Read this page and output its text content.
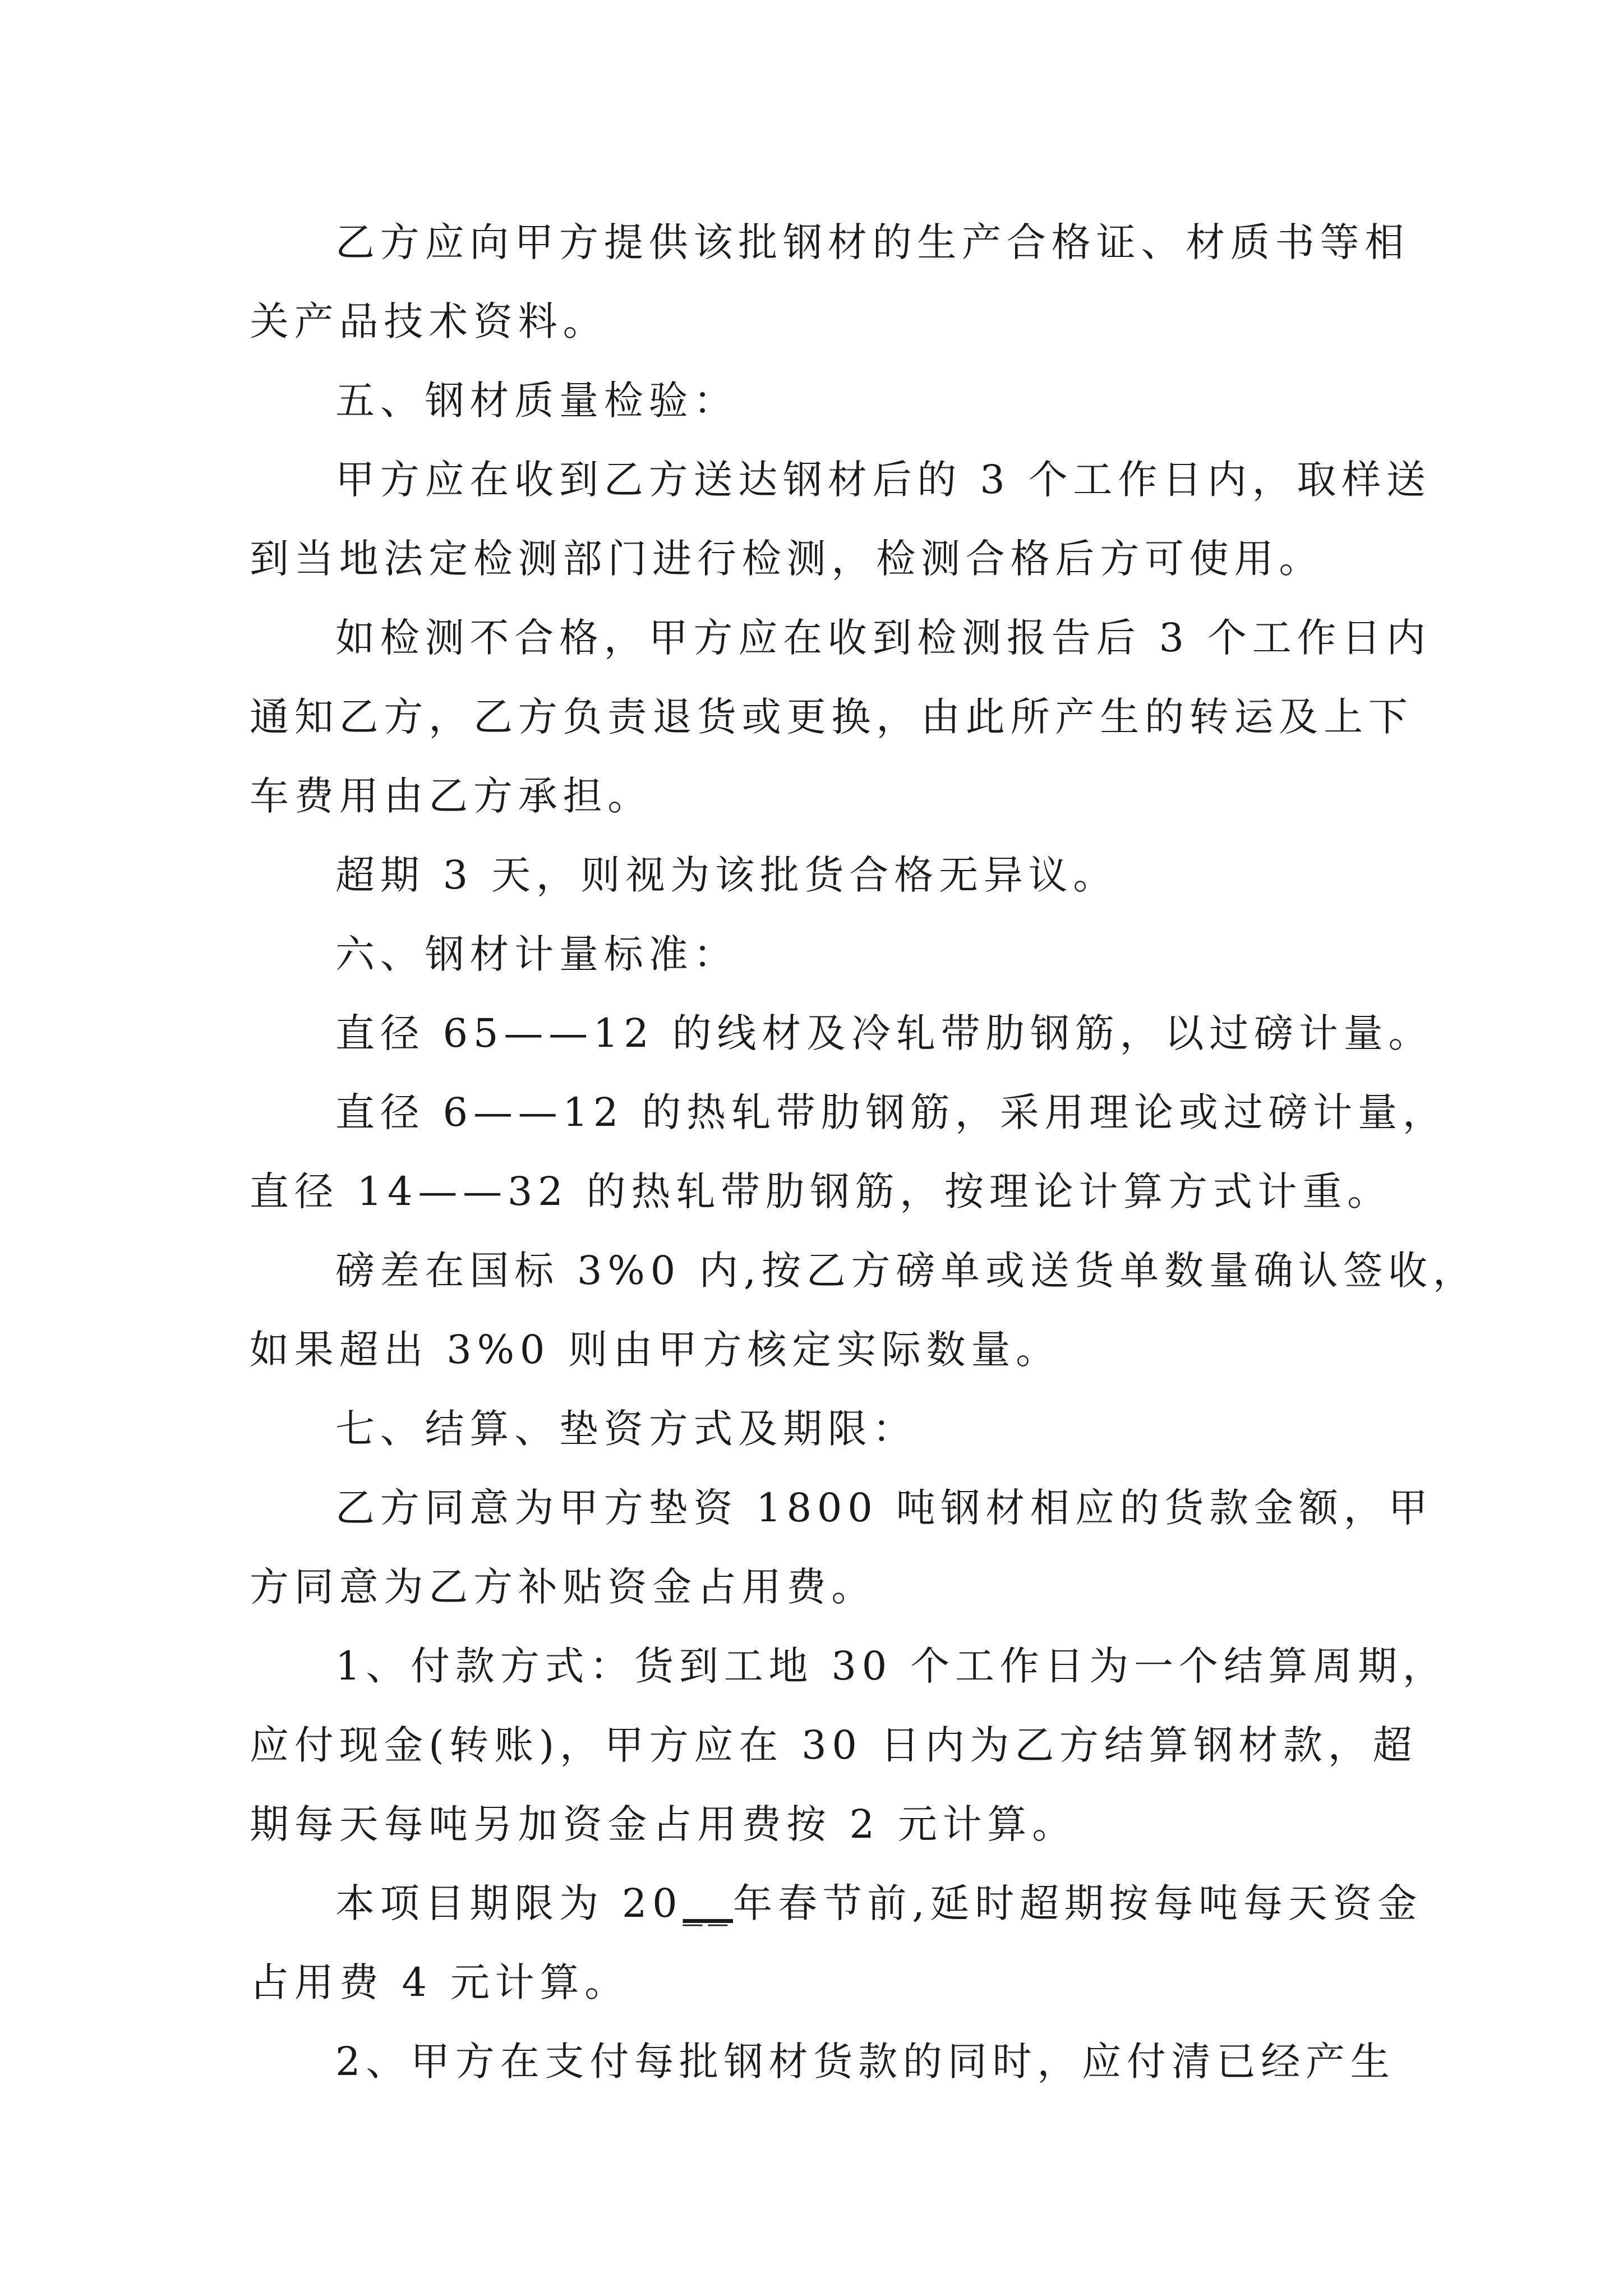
乙方应向甲方提供该批钢材的生产合格证、材质书等相
关产品技术资料。
五、钢材质量检验：
甲方应在收到乙方送达钢材后的 3 个工作日内，取样送
到当地法定检测部门进行检测，检测合格后方可使用。
如检测不合格，甲方应在收到检测报告后 3 个工作日内
通知乙方，乙方负责退货或更换，由此所产生的转运及上下
车费用由乙方承担。
超期 3 天，则视为该批货合格无异议。
六、钢材计量标准：
直径 65——12 的线材及冷轧带肋钢筋，以过磅计量。
直径 6——12 的热轧带肋钢筋，采用理论或过磅计量，
直径 14——32 的热轧带肋钢筋，按理论计算方式计重。
磅差在国标 3%0 内,按乙方磅单或送货单数量确认签收，
如果超出 3%0 则由甲方核定实际数量。
七、结算、垫资方式及期限：
乙方同意为甲方垫资 1800 吨钢材相应的货款金额，甲
方同意为乙方补贴资金占用费。
1、付款方式：货到工地 30 个工作日为一个结算周期，
应付现金(转账)，甲方应在 30 日内为乙方结算钢材款，超
期每天每吨另加资金占用费按 2 元计算。
本项目期限为 20__年春节前,延时超期按每吨每天资金
占用费 4 元计算。
2、甲方在支付每批钢材货款的同时，应付清已经产生
